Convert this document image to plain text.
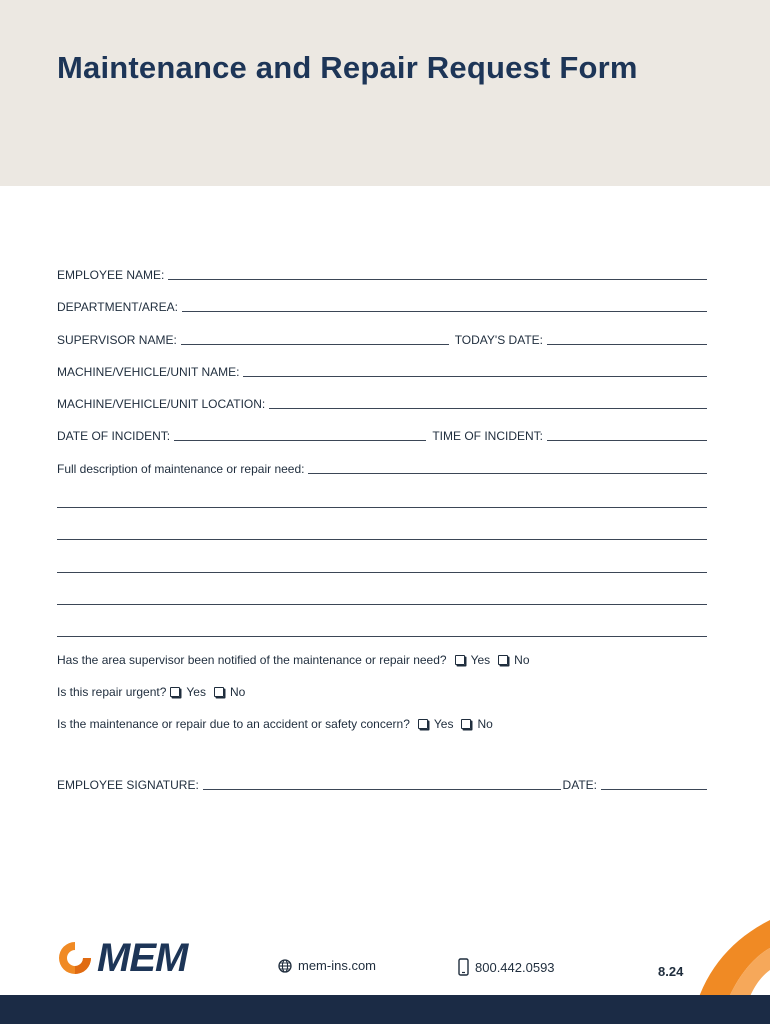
Maintenance and Repair Request Form
EMPLOYEE NAME:
DEPARTMENT/AREA:
SUPERVISOR NAME:	TODAY'S DATE:
MACHINE/VEHICLE/UNIT NAME:
MACHINE/VEHICLE/UNIT LOCATION:
DATE OF INCIDENT:	TIME OF INCIDENT:
Full description of maintenance or repair need:
Has the area supervisor been notified of the maintenance or repair need? Yes No
Is this repair urgent? Yes No
Is the maintenance or repair due to an accident or safety concern? Yes No
EMPLOYEE SIGNATURE:	DATE:
MEM	mem-ins.com	800.442.0593	8.24
